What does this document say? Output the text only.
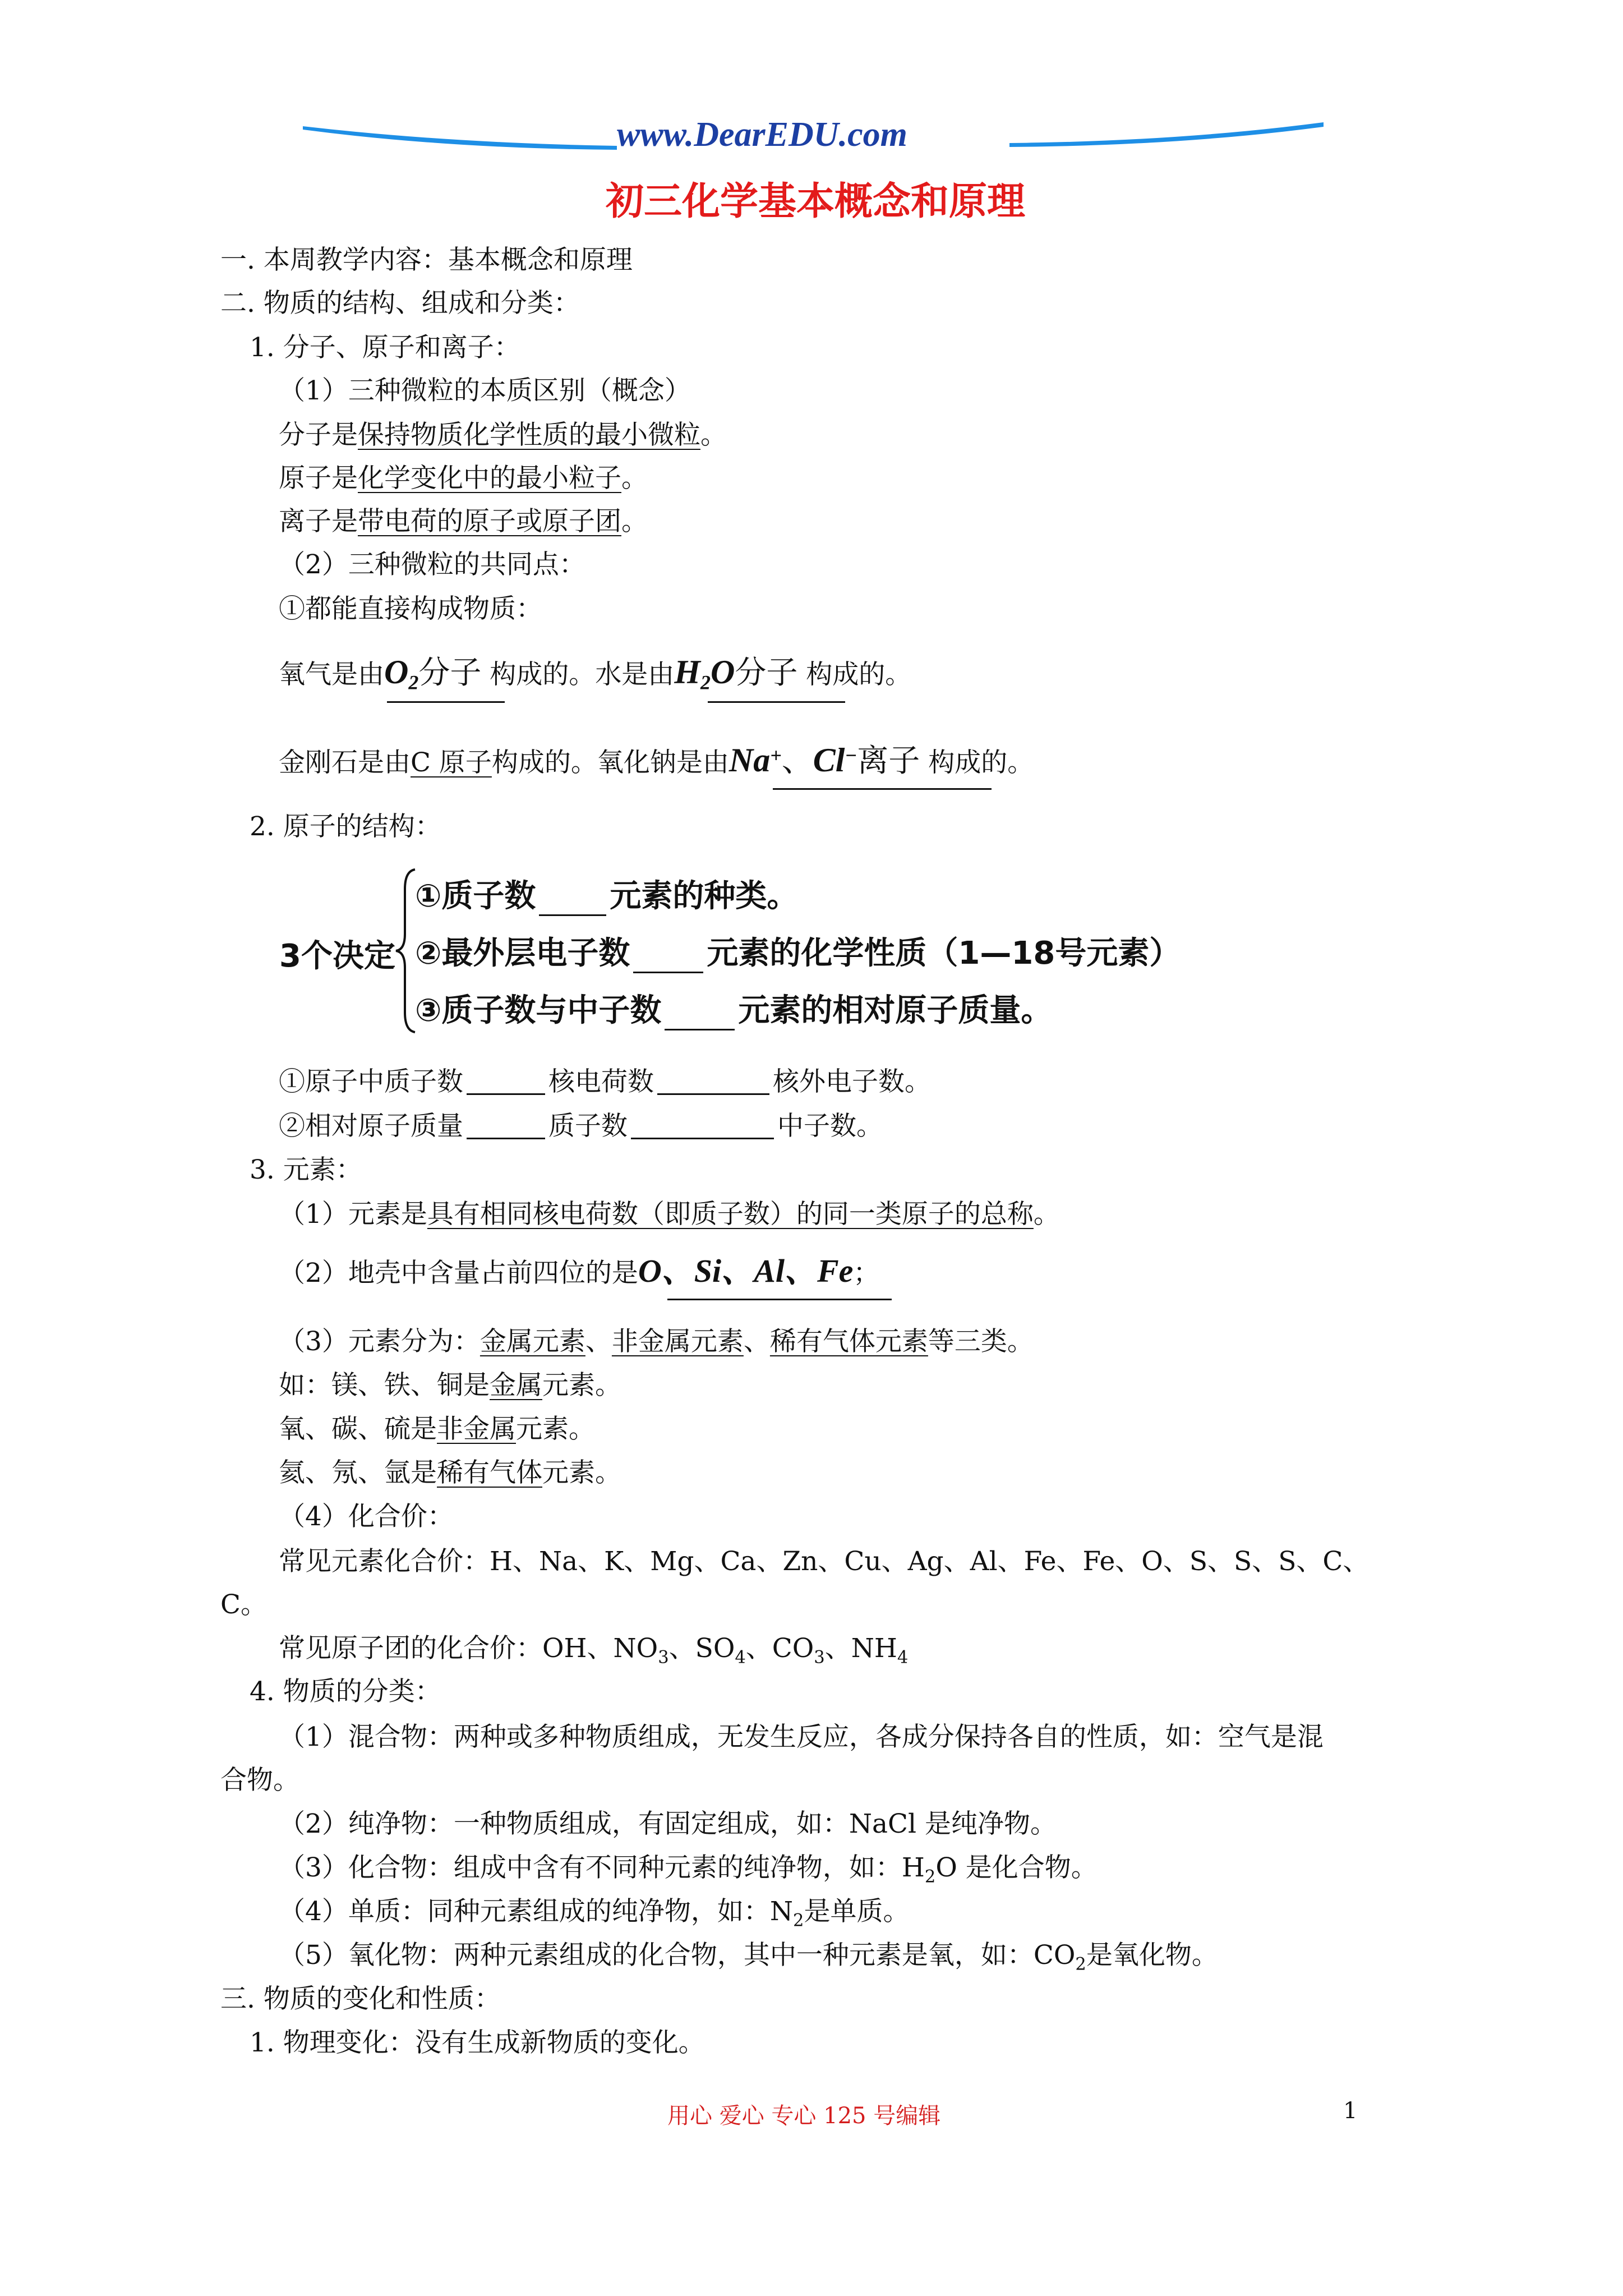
www.DearEDU.com
初三化学基本概念和原理
一. 本周教学内容：基本概念和原理
二. 物质的结构、组成和分类：
1. 分子、原子和离子：
（1）三种微粒的本质区别（概念）
分子是保持物质化学性质的最小微粒。
原子是化学变化中的最小粒子。
离子是带电荷的原子或原子团。
（2）三种微粒的共同点：
①都能直接构成物质：
氧气是由$O_2$分子 构成的。水是由$H_2O$分子 构成的。
金刚石是由C 原子构成的。氧化钠是由Na+、Cl−离子 构成的。
2. 原子的结构：
3个决定
①质子数 元素的种类。
②最外层电子数 元素的化学性质（1—18号元素）
③质子数与中子数 元素的相对原子质量。
①原子中质子数	核电荷数	核外电子数。
②相对原子质量	质子数	中子数。
3. 元素：
（1）元素是具有相同核电荷数（即质子数）的同一类原子的总称。
（2）地壳中含量占前四位的是O、Si、Al、Fe；
（3）元素分为：金属元素、非金属元素、稀有气体元素等三类。
如：镁、铁、铜是金属元素。
氧、碳、硫是非金属元素。
氦、氖、氩是稀有气体元素。
（4）化合价：
常见元素化合价：H、Na、K、Mg、Ca、Zn、Cu、Ag、Al、Fe、Fe、O、S、S、S、C、
C。
常见原子团的化合价：OH、$NO_3$、$SO_4$、$CO_3$、$NH_4$
4. 物质的分类：
（1）混合物：两种或多种物质组成，无发生反应，各成分保持各自的性质，如：空气是混
合物。
（2）纯净物：一种物质组成，有固定组成，如：NaCl 是纯净物。
（3）化合物：组成中含有不同种元素的纯净物，如：$H_2O$ 是化合物。
（4）单质：同种元素组成的纯净物，如：$N_2$是单质。
（5）氧化物：两种元素组成的化合物，其中一种元素是氧，如：$CO_2$是氧化物。
三. 物质的变化和性质：
1. 物理变化：没有生成新物质的变化。
用心 爱心 专心 125 号编辑	1
